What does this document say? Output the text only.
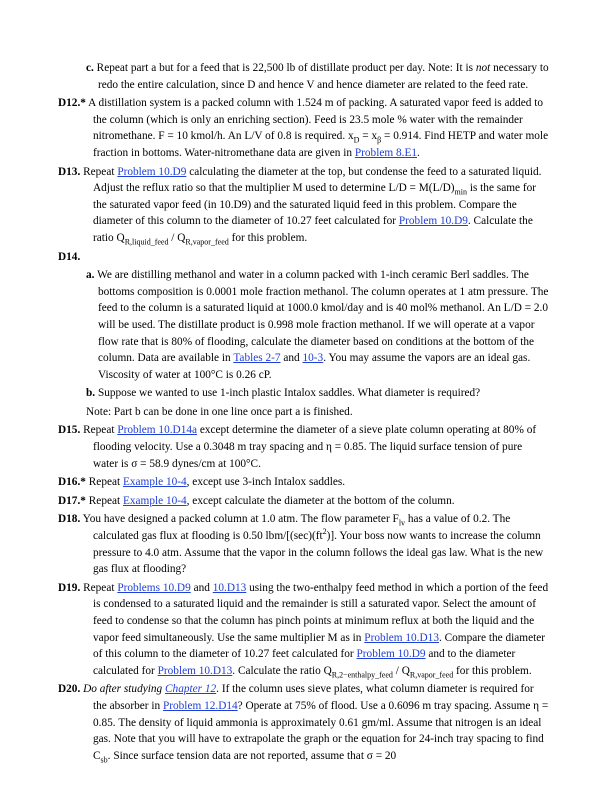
c. Repeat part a but for a feed that is 22,500 lb of distillate product per day. Note: It is not necessary to redo the entire calculation, since D and hence V and hence diameter are related to the feed rate.
D12.* A distillation system is a packed column with 1.524 m of packing. A saturated vapor feed is added to the column (which is only an enriching section). Feed is 23.5 mole % water with the remainder nitromethane. F = 10 kmol/h. An L/V of 0.8 is required. $x_D = x_\beta = 0.914$. Find HETP and water mole fraction in bottoms. Water-nitromethane data are given in Problem 8.E1.
D13. Repeat Problem 10.D9 calculating the diameter at the top, but condense the feed to a saturated liquid. Adjust the reflux ratio so that the multiplier M used to determine $L/D = M(L/D)_{min}$ is the same for the saturated vapor feed (in 10.D9) and the saturated liquid feed in this problem. Compare the diameter of this column to the diameter of 10.27 feet calculated for Problem 10.D9. Calculate the ratio $Q_{R,liquid\_feed} / Q_{R,vapor\_feed}$ for this problem.
D14.
a. We are distilling methanol and water in a column packed with 1-inch ceramic Berl saddles. The bottoms composition is 0.0001 mole fraction methanol. The column operates at 1 atm pressure. The feed to the column is a saturated liquid at 1000.0 kmol/day and is 40 mol% methanol. An L/D = 2.0 will be used. The distillate product is 0.998 mole fraction methanol. If we will operate at a vapor flow rate that is 80% of flooding, calculate the diameter based on conditions at the bottom of the column. Data are available in Tables 2-7 and 10-3. You may assume the vapors are an ideal gas. Viscosity of water at 100°C is 0.26 cP.
b. Suppose we wanted to use 1-inch plastic Intalox saddles. What diameter is required?
Note: Part b can be done in one line once part a is finished.
D15. Repeat Problem 10.D14a except determine the diameter of a sieve plate column operating at 80% of flooding velocity. Use a 0.3048 m tray spacing and η = 0.85. The liquid surface tension of pure water is σ = 58.9 dynes/cm at 100°C.
D16.* Repeat Example 10-4, except use 3-inch Intalox saddles.
D17.* Repeat Example 10-4, except calculate the diameter at the bottom of the column.
D18. You have designed a packed column at 1.0 atm. The flow parameter $F_{lv}$ has a value of 0.2. The calculated gas flux at flooding is 0.50 lbm/$[(\sec)(ft^2)]$. Your boss now wants to increase the column pressure to 4.0 atm. Assume that the vapor in the column follows the ideal gas law. What is the new gas flux at flooding?
D19. Repeat Problems 10.D9 and 10.D13 using the two-enthalpy feed method in which a portion of the feed is condensed to a saturated liquid and the remainder is still a saturated vapor. Select the amount of feed to condense so that the column has pinch points at minimum reflux at both the liquid and the vapor feed simultaneously. Use the same multiplier M as in Problem 10.D13. Compare the diameter of this column to the diameter of 10.27 feet calculated for Problem 10.D9 and to the diameter calculated for Problem 10.D13. Calculate the ratio $Q_{R,2-enthalpy\_feed} / Q_{R,vapor\_feed}$ for this problem.
D20. Do after studying Chapter 12. If the column uses sieve plates, what column diameter is required for the absorber in Problem 12.D14? Operate at 75% of flood. Use a 0.6096 m tray spacing. Assume η = 0.85. The density of liquid ammonia is approximately 0.61 gm/ml. Assume that nitrogen is an ideal gas. Note that you will have to extrapolate the graph or the equation for 24-inch tray spacing to find $C_{sb}$. Since surface tension data are not reported, assume that σ = 20
